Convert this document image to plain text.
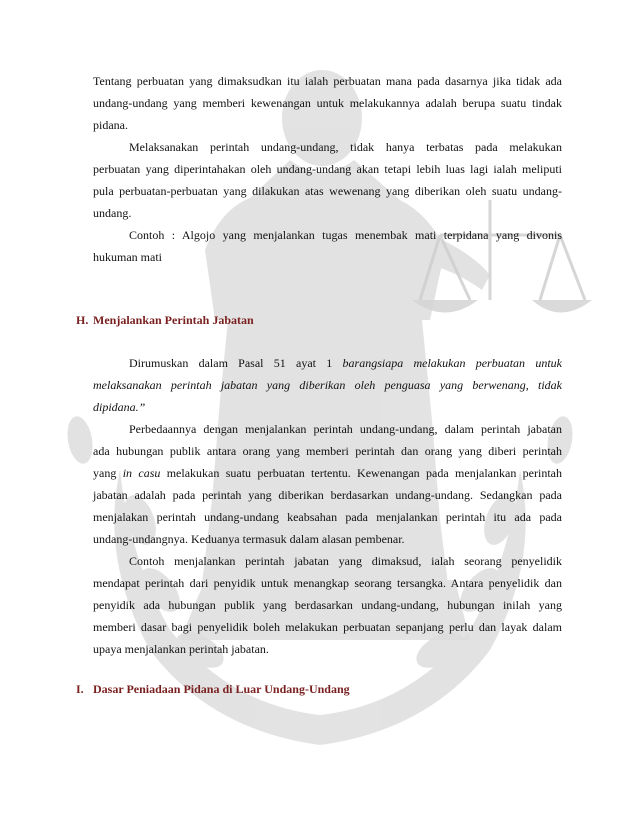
Tentang perbuatan yang dimaksudkan itu ialah perbuatan mana pada dasarnya jika tidak ada
undang-undang yang memberi kewenangan untuk melakukannya adalah berupa suatu tindak
pidana.
Melaksanakan perintah undang-undang, tidak hanya terbatas pada melakukan
perbuatan yang diperintahakan oleh undang-undang akan tetapi lebih luas lagi ialah meliputi
pula perbuatan-perbuatan yang dilakukan atas wewenang yang diberikan oleh suatu undang-
undang.
Contoh : Algojo yang menjalankan tugas menembak mati terpidana yang divonis
hukuman mati
H. Menjalankan Perintah Jabatan
Dirumuskan dalam Pasal 51 ayat 1 barangsiapa melakukan perbuatan untuk
melaksanakan perintah jabatan yang diberikan oleh penguasa yang berwenang, tidak
dipidana.”
Perbedaannya dengan menjalankan perintah undang-undang, dalam perintah jabatan
ada hubungan publik antara orang yang memberi perintah dan orang yang diberi perintah
yang in casu melakukan suatu perbuatan tertentu. Kewenangan pada menjalankan perintah
jabatan adalah pada perintah yang diberikan berdasarkan undang-undang. Sedangkan pada
menjalakan perintah undang-undang keabsahan pada menjalankan perintah itu ada pada
undang-undangnya. Keduanya termasuk dalam alasan pembenar.
Contoh menjalankan perintah jabatan yang dimaksud, ialah seorang penyelidik
mendapat perintah dari penyidik untuk menangkap seorang tersangka. Antara penyelidik dan
penyidik ada hubungan publik yang berdasarkan undang-undang, hubungan inilah yang
memberi dasar bagi penyelidik boleh melakukan perbuatan sepanjang perlu dan layak dalam
upaya menjalankan perintah jabatan.
I. Dasar Peniadaan Pidana di Luar Undang-Undang
